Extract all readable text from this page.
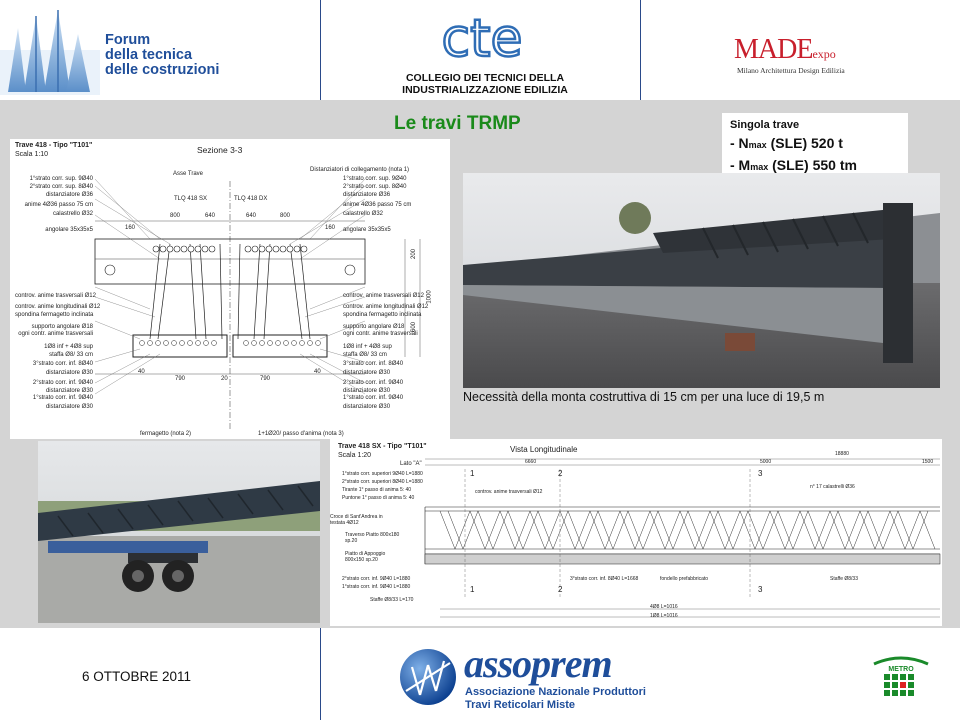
Forum
della tecnica
delle costruzioni
cte
COLLEGIO DEI TECNICI DELLA
INDUSTRIALIZZAZIONE EDILIZIA
MADEexpo
Milano Architettura Design Edilizia
Le travi TRMP	Singola trave
- Nmax (SLE) 520 t
- Mmax (SLE) 550 tm
Trave 418 - Tipo "T101"
Scala 1:10	Sezione 3-3
Asse Trave
TLQ 418 SX	TLQ 418 DX
Distanziatori di collegamento (nota 1)
1°strato corr. sup. 9Ø40
2°strato corr. sup. 8Ø40
distanziatore Ø36
anime 4Ø36 passo 75 cm
calastrello Ø32
angolare 35x35x5
controv. anime trasversali Ø12
controv. anime longitudinali Ø12
spondina fermagetto inclinata
supporto angolare Ø18
ogni contr. anime trasversali
1Ø8 inf + 4Ø8 sup
staffa Ø8/ 33 cm
3°strato corr. inf. 8Ø40
distanziatore Ø30
2°strato corr. inf. 9Ø40
distanziatore Ø30
1°strato corr. inf. 9Ø40
distanziatore Ø30
1°strato corr. sup. 9Ø40
2°strato corr. sup. 8Ø40
distanziatore Ø36
anime 4Ø36 passo 75 cm
calastrello Ø32
angolare 35x35x5
controv. anime trasversali Ø12
controv. anime longitudinali Ø12
spondina fermagetto inclinata
supporto angolare Ø18
ogni contr. anime trasversali
1Ø8 inf + 4Ø8 sup
staffa Ø8/ 33 cm
3°strato corr. inf. 8Ø40
distanziatore Ø30
2°strato corr. inf. 9Ø40
distanziatore Ø30
1°strato corr. inf. 9Ø40
distanziatore Ø30
800	640	640	800
160	160
790	790
20
40	40
1000
600
200
fermagetto (nota 2)	1+1Ø20/ passo d'anima (nota 3)
Necessità della monta costruttiva di 15 cm per una luce di 19,5 m
Trave 418 SX - Tipo "T101"
Scala 1:20
Vista Longitudinale
Lato "A"
1	2	3
1	2	3
1°strato corr. superiori 9Ø40 L=1880
2°strato corr. superiori 8Ø40 L=1880
Tirante 1° passo di anima 5: 40
Puntone 1° passo di anima 5: 40
Croce di Sant'Andrea in testata 4Ø12
Traverso Piatto 800x180 sp.20
Piatto di Appoggio 800x150 sp.20
2°strato corr. inf. 9Ø40 L=1880
1°strato corr. inf. 9Ø40 L=1880
Staffe Ø8/33 L=170
controv. anime trasversali Ø12
n° 17 calastrelli Ø36
3°strato corr. inf. 8Ø40 L=1668	fondello prefabbricato	Staffe Ø8/33
4Ø8 L=1016
1Ø8 L=1016
18880
6660	5000	1500
6 OTTOBRE 2011	assoprem
Associazione Nazionale Produttori
Travi Reticolari Miste
METRO
